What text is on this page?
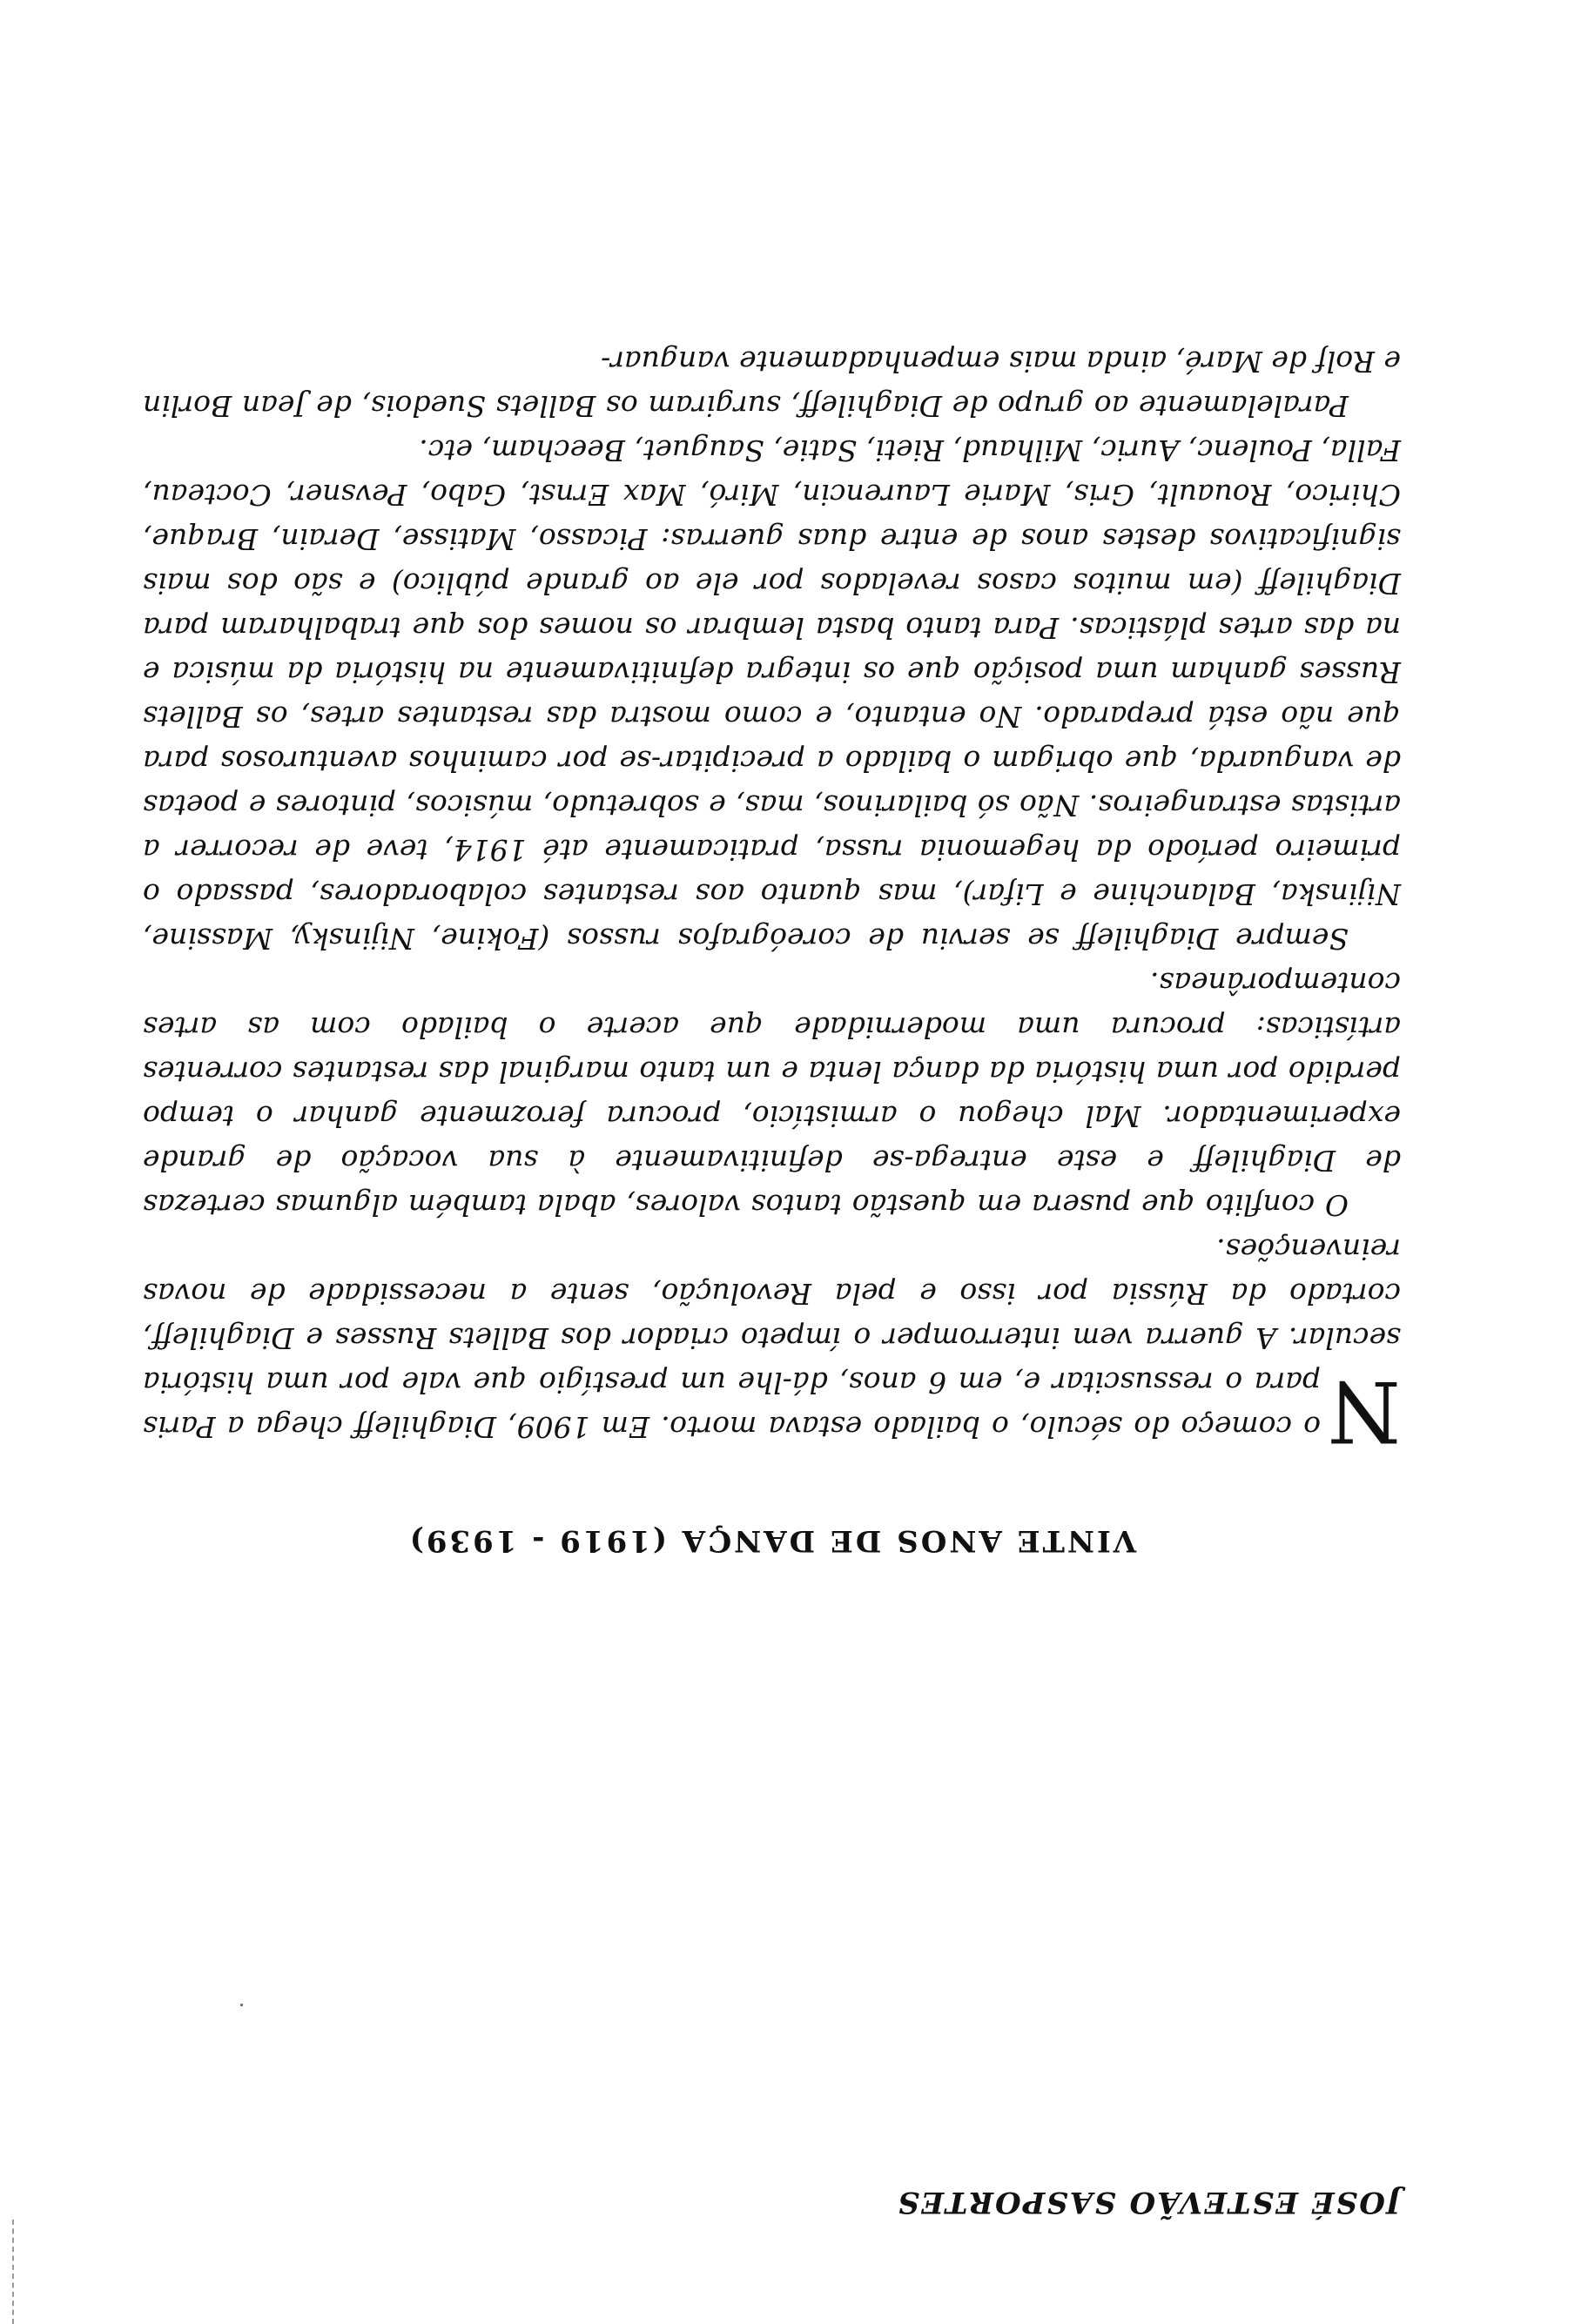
JOSÉ ESTEVÃO SASPORTES
VINTE ANOS DE DANÇA (1919 - 1939)

N
o começo do século, o bailado estava morto. Em 1909, Diaghileff chega a Paris para o ressuscitar e, em 6 anos, dá-lhe um prestígio que vale por uma história secular. A guerra vem interromper o ímpeto criador dos Ballets Russes e Diaghileff, cortado da Rússia por isso e pela Revolução, sente a necessidade de novas reinvenções.

O conflito que pusera em questão tantos valores, abala também algumas certezas de Diaghileff e este entrega-se definitivamente à sua vocação de grande experimentador. Mal chegou o armistício, procura ferozmente ganhar o tempo perdido por uma história da dança lenta e um tanto marginal das restantes correntes artísticas: procura uma modernidade que acerte o bailado com as artes contemporâneas.

Sempre Diaghileff se serviu de coreógrafos russos (Fokine, Nijinsky, Massine, Nijinska, Balanchine e Lifar), mas quanto aos restantes colaboradores, passado o primeiro período da hegemonia russa, praticamente até 1914, teve de recorrer a artistas estrangeiros. Não só bailarinos, mas, e sobretudo, músicos, pintores e poetas de vanguarda, que obrigam o bailado a precipitar-se por caminhos aventurosos para que não está preparado. No entanto, e como mostra das restantes artes, os Ballets Russes ganham uma posição que os integra definitivamente na história da música e na das artes plásticas. Para tanto basta lembrar os nomes dos que trabalharam para Diaghileff (em muitos casos revelados por ele ao grande público) e são dos mais significativos destes anos de entre duas guerras: Picasso, Matisse, Derain, Braque, Chirico, Rouault, Gris, Marie Laurencin, Miró, Max Ernst, Gabo, Pevsner, Cocteau, Falla, Poulenc, Auric, Milhaud, Rieti, Satie, Sauguet, Beecham, etc.

Paralelamente ao grupo de Diaghileff, surgiram os Ballets Suedois, de Jean Borlin e Rolf de Maré, ainda mais empenhadamente vanguar-
